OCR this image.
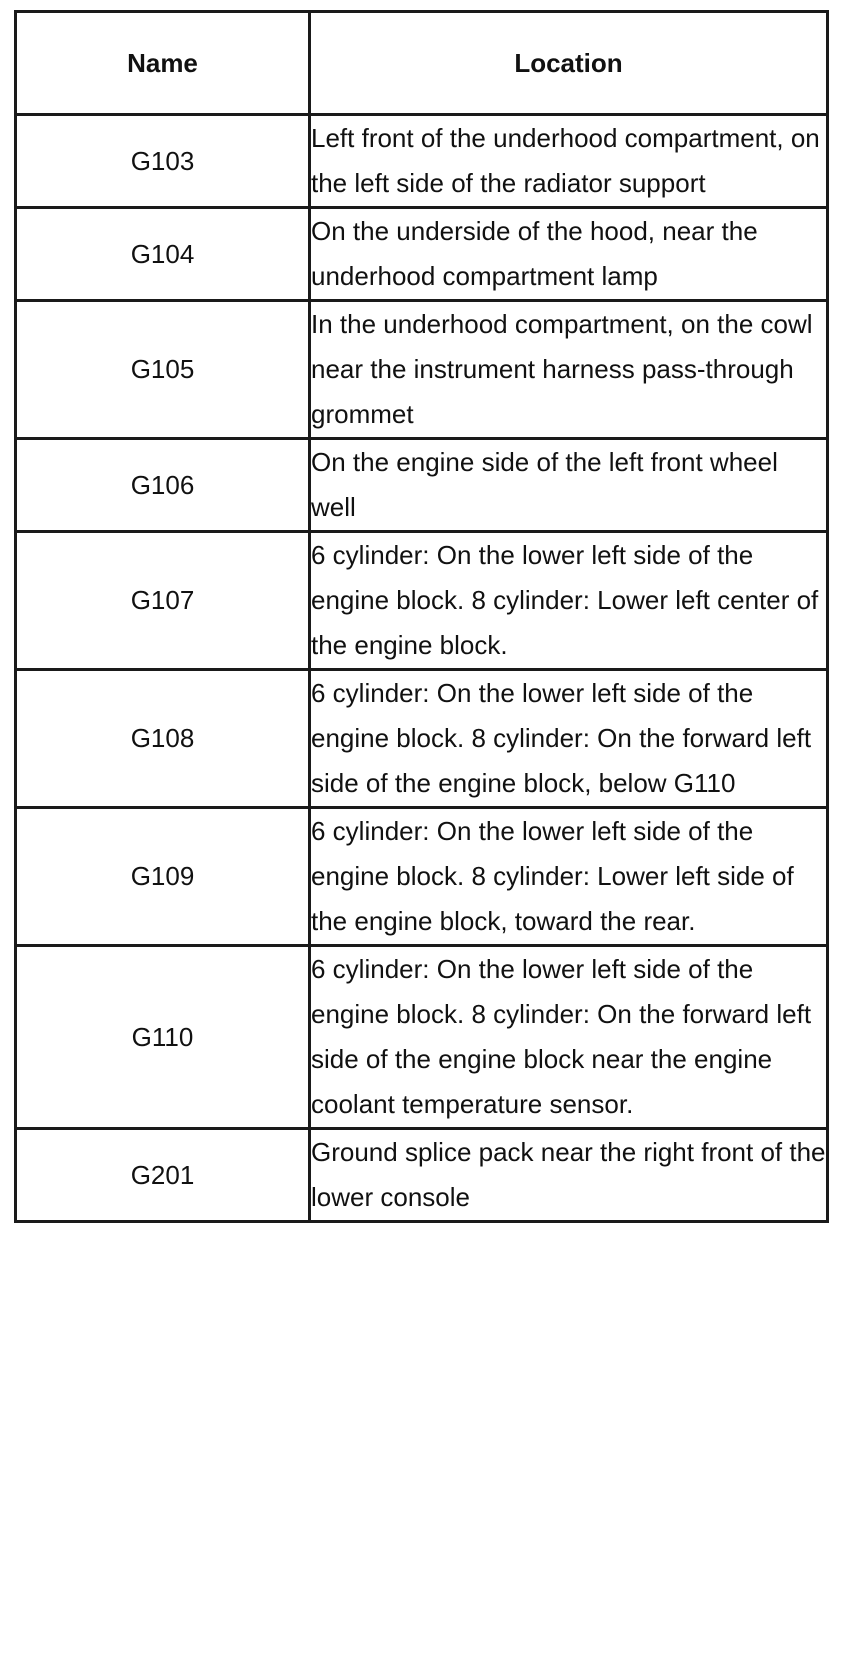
Name	Location
G103	Left front of the underhood compartment, on the left side of the radiator support
G104	On the underside of the hood, near the underhood compartment lamp
G105	In the underhood compartment, on the cowl near the instrument harness pass-through grommet
G106	On the engine side of the left front wheel well
G107	6 cylinder: On the lower left side of the engine block. 8 cylinder: Lower left center of the engine block.
G108	6 cylinder: On the lower left side of the engine block. 8 cylinder: On the forward left side of the engine block, below G110
G109	6 cylinder: On the lower left side of the engine block. 8 cylinder: Lower left side of the engine block, toward the rear.
G110	6 cylinder: On the lower left side of the engine block. 8 cylinder: On the forward left side of the engine block near the engine coolant temperature sensor.
G201	Ground splice pack near the right front of the lower console
